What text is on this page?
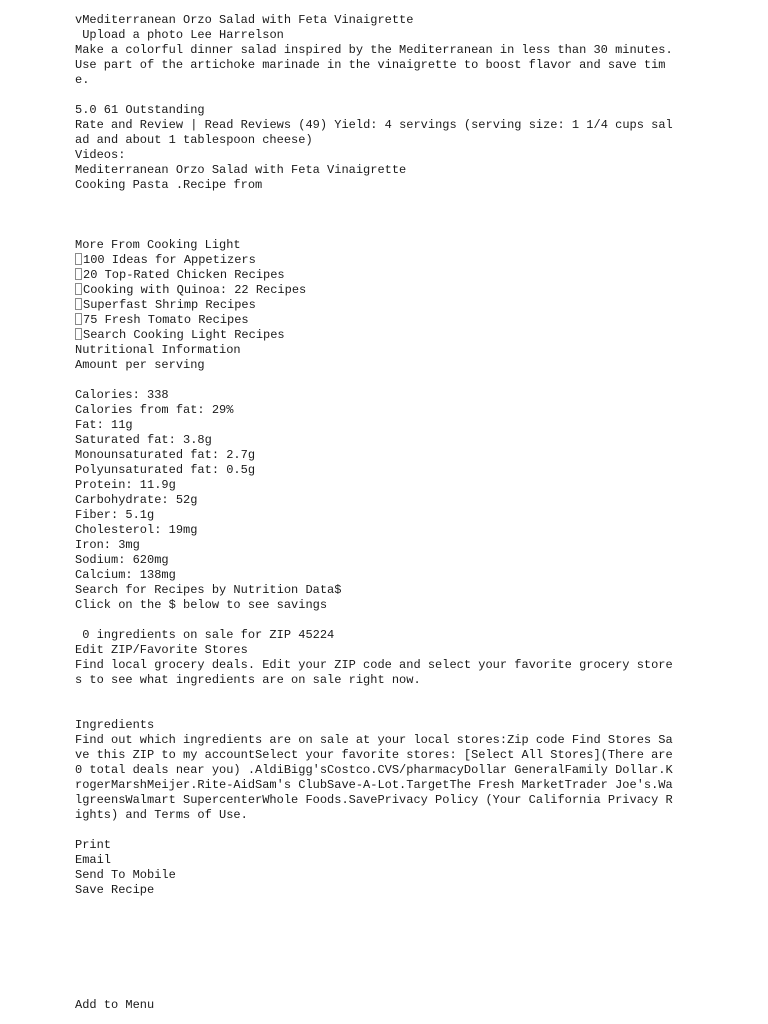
vMediterranean Orzo Salad with Feta Vinaigrette
Upload a photo Lee Harrelson
Make a colorful dinner salad inspired by the Mediterranean in less than 30 minutes. Use part of the artichoke marinade in the vinaigrette to boost flavor and save time.
5.0 61 Outstanding
Rate and Review | Read Reviews (49) Yield: 4 servings (serving size: 1 1/4 cups salad and about 1 tablespoon cheese)
Videos:
Mediterranean Orzo Salad with Feta Vinaigrette
Cooking Pasta .Recipe from
More From Cooking Light
100 Ideas for Appetizers
20 Top-Rated Chicken Recipes
Cooking with Quinoa: 22 Recipes
Superfast Shrimp Recipes
75 Fresh Tomato Recipes
Search Cooking Light Recipes
Nutritional Information
Amount per serving
Calories: 338
Calories from fat: 29%
Fat: 11g
Saturated fat: 3.8g
Monounsaturated fat: 2.7g
Polyunsaturated fat: 0.5g
Protein: 11.9g
Carbohydrate: 52g
Fiber: 5.1g
Cholesterol: 19mg
Iron: 3mg
Sodium: 620mg
Calcium: 138mg
Search for Recipes by Nutrition Data$
Click on the $ below to see savings
0 ingredients on sale for ZIP 45224
Edit ZIP/Favorite Stores
Find local grocery deals. Edit your ZIP code and select your favorite grocery stores to see what ingredients are on sale right now.
Ingredients
Find out which ingredients are on sale at your local stores:Zip code Find Stores Save this ZIP to my accountSelect your favorite stores: [Select All Stores](There are 0 total deals near you) .AldiBigg'sCostco.CVS/pharmacyDollar GeneralFamily Dollar.KrogerMarshMeijer.Rite-AidSam's ClubSave-A-Lot.TargetThe Fresh MarketTrader Joe's.WalgreensWalmart SupercenterWhole Foods.SavePrivacy Policy (Your California Privacy Rights) and Terms of Use.
Print
Email
Send To Mobile
Save Recipe
Add to Menu
